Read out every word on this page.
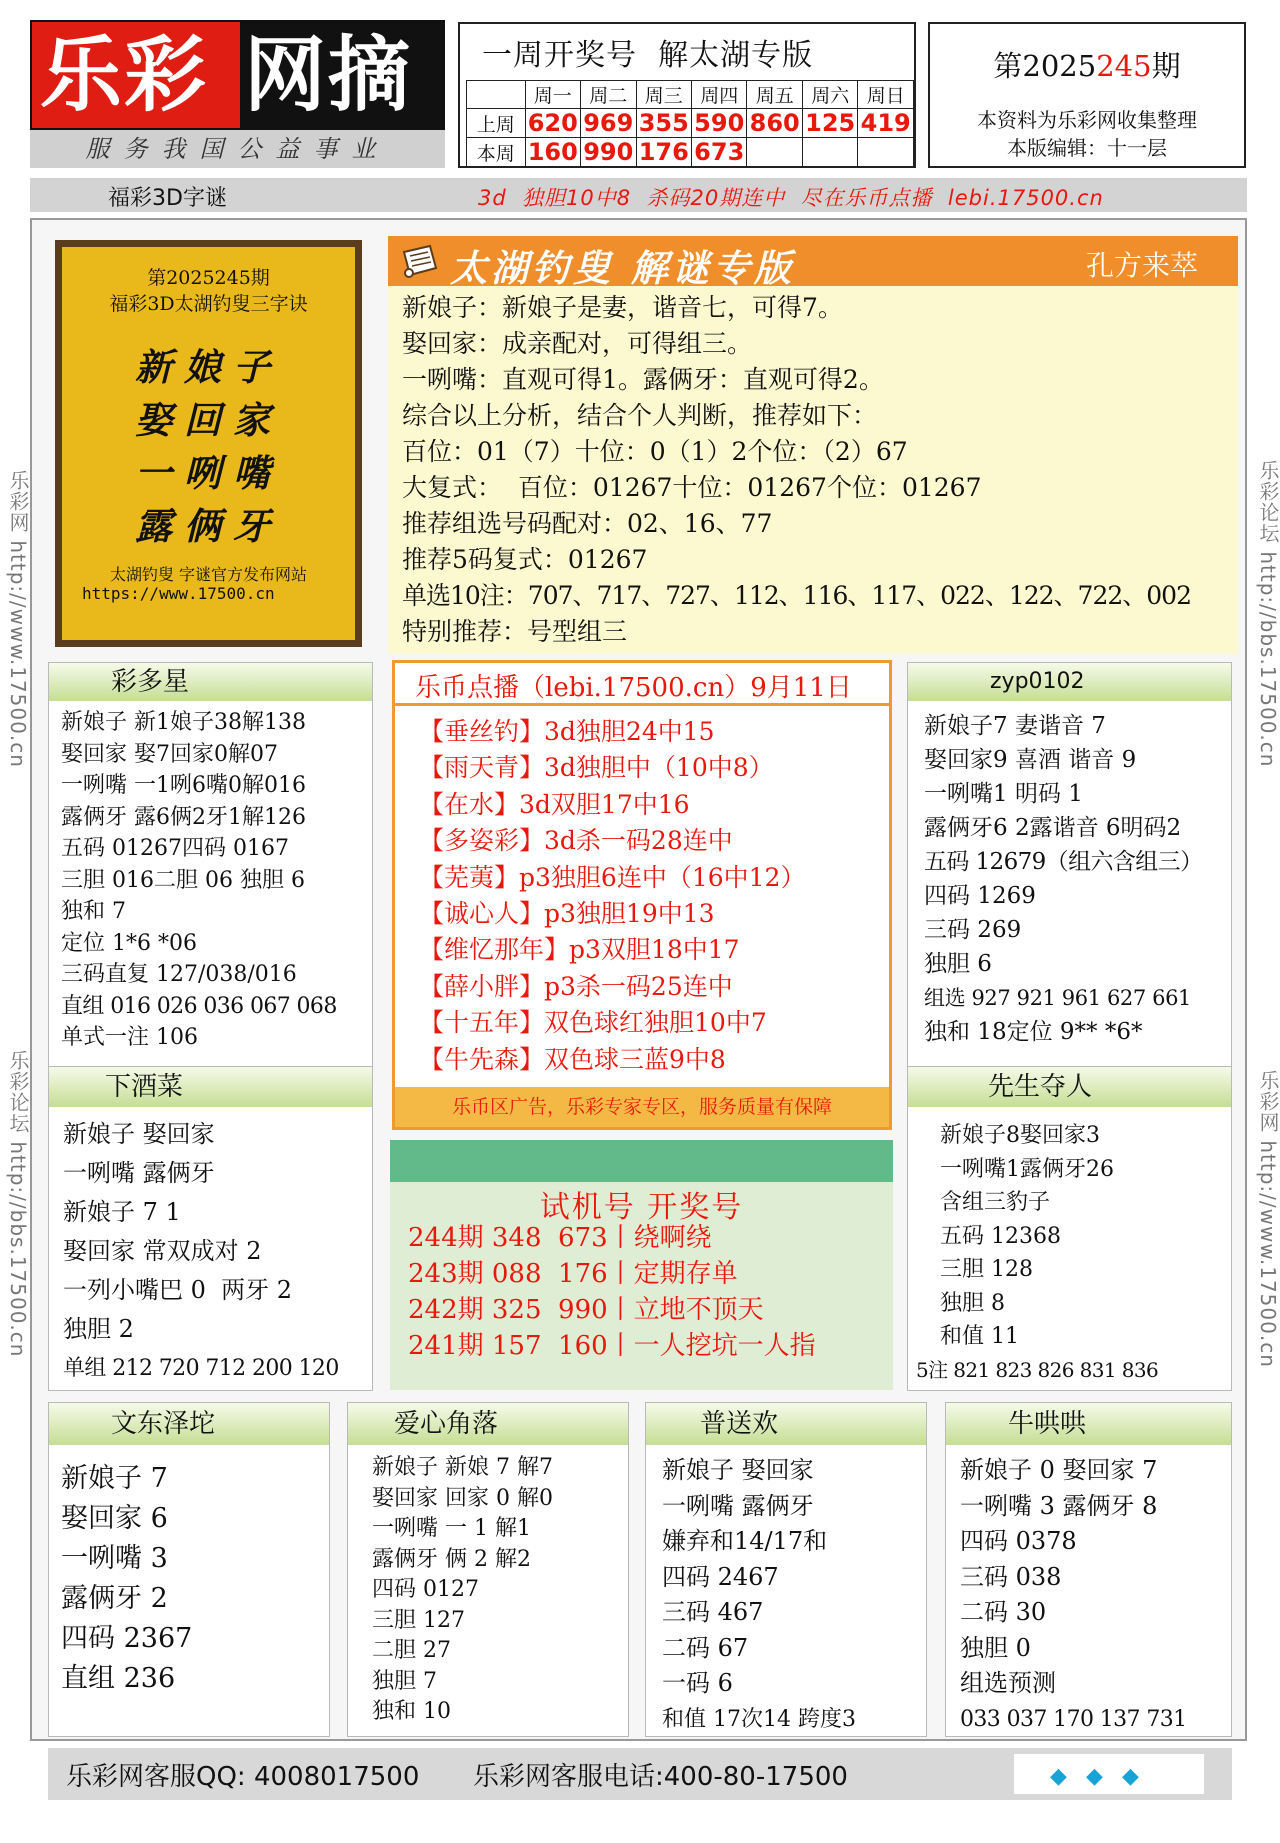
乐彩 网摘
服务我国公益事业
一周开奖号  解太湖专版
	周一	周二	周三	周四	周五	周六	周日
上周	620	969	355	590	860	125	419
本周	160	990	176	673			
第2025245期
本资料为乐彩网收集整理
本版编辑：十一层
福彩3D字谜	3d  独胆10中8  杀码20期连中  尽在乐币点播  lebi.17500.cn
乐彩网 http://www.17500.cn
乐彩论坛 http://bbs.17500.cn
乐彩论坛 http://bbs.17500.cn
乐彩网 http://www.17500.cn
第2025245期
福彩3D太湖钓叟三字诀
新娘子
娶回家
一咧嘴
露俩牙
太湖钓叟 字谜官方发布网站
https://www.17500.cn
太湖钓叟 解谜专版	孔方来萃
新娘子：新娘子是妻，谐音七，可得7。
娶回家：成亲配对，可得组三。
一咧嘴：直观可得1。露俩牙：直观可得2。
综合以上分析，结合个人判断，推荐如下：
百位：01（7）十位：0（1）2个位：（2）67
大复式：  百位：01267十位：01267个位：01267
推荐组选号码配对：02、16、77
推荐5码复式：01267
单选10注：707、717、727、112、116、117、022、122、722、002
特别推荐：号型组三
彩多星
新娘子 新1娘子38解138
娶回家 娶7回家0解07
一咧嘴 一1咧6嘴0解016
露俩牙 露6俩2牙1解126
五码 01267四码 0167
三胆 016二胆 06 独胆 6
独和 7
定位 1*6 *06
三码直复 127/038/016
直组 016 026 036 067 068
单式一注 106
下酒菜
新娘子 娶回家
一咧嘴 露俩牙
新娘子 7 1
娶回家 常双成对 2
一列小嘴巴 0  两牙 2
独胆 2
单组 212 720 712 200 120
乐币点播（lebi.17500.cn）9月11日
【垂丝钓】3d独胆24中15
【雨天青】3d独胆中（10中8）
【在水】3d双胆17中16
【多姿彩】3d杀一码28连中
【芜荑】p3独胆6连中（16中12）
【诚心人】p3独胆19中13
【维忆那年】p3双胆18中17
【薛小胖】p3杀一码25连中
【十五年】双色球红独胆10中7
【牛先森】双色球三蓝9中8
乐币区广告，乐彩专家专区，服务质量有保障
试机号 开奖号
244期 348  673丨绕啊绕
243期 088  176丨定期存单
242期 325  990丨立地不顶天
241期 157  160丨一人挖坑一人指
zyp0102
新娘子7 妻谐音 7
娶回家9 喜酒 谐音 9
一咧嘴1 明码 1
露俩牙6 2露谐音 6明码2
五码 12679（组六含组三）
四码 1269
三码 269
独胆 6
组选 927 921 961 627 661
独和 18定位 9** *6*
先生夺人
新娘子8娶回家3
一咧嘴1露俩牙26
含组三豹子
五码 12368
三胆 128
独胆 8
和值 11
5注 821 823 826 831 836
文东泽坨
新娘子 7
娶回家 6
一咧嘴 3
露俩牙 2
四码 2367
直组 236
爱心角落
新娘子 新娘 7 解7
娶回家 回家 0 解0
一咧嘴 一 1 解1
露俩牙 俩 2 解2
四码 0127
三胆 127
二胆 27
独胆 7
独和 10
普送欢
新娘子 娶回家
一咧嘴 露俩牙
嫌弃和14/17和
四码 2467
三码 467
二码 67
一码 6
和值 17次14 跨度3
牛哄哄
新娘子 0 娶回家 7
一咧嘴 3 露俩牙 8
四码 0378
三码 038
二码 30
独胆 0
组选预测
033 037 170 137 731
乐彩网客服QQ: 4008017500 乐彩网客服电话:400-80-17500	◆ ◆ ◆
